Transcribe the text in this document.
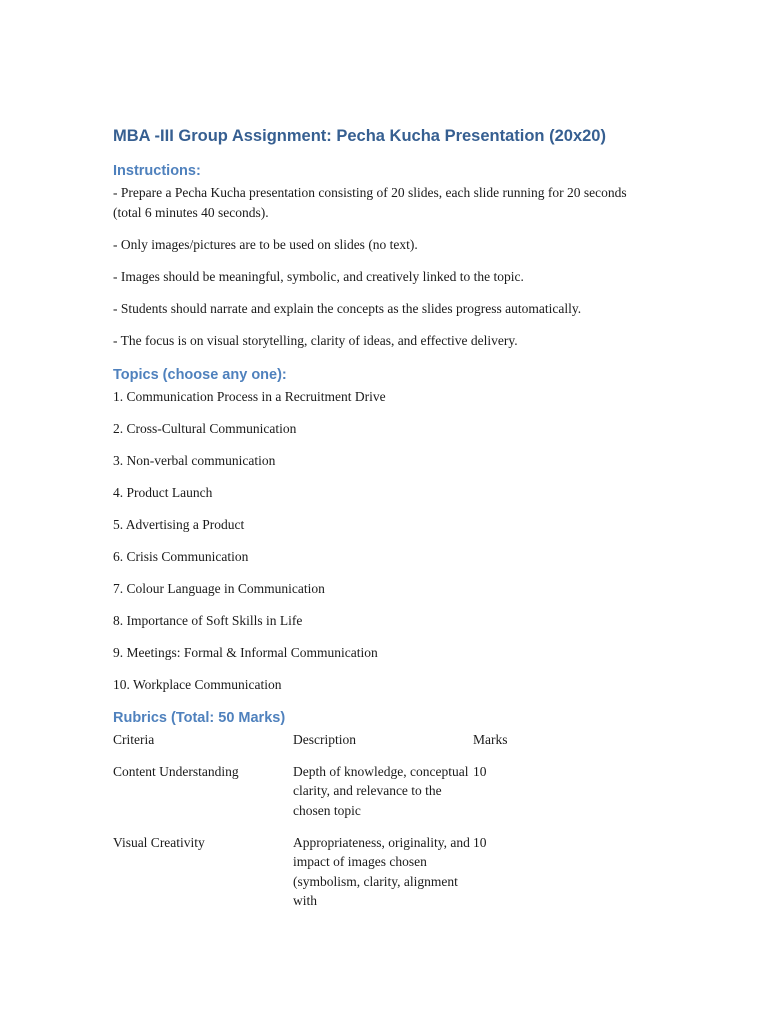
MBA -III Group Assignment: Pecha Kucha Presentation (20x20)
Instructions:

- Prepare a Pecha Kucha presentation consisting of 20 slides, each slide running for 20 seconds (total 6 minutes 40 seconds).

- Only images/pictures are to be used on slides (no text).

- Images should be meaningful, symbolic, and creatively linked to the topic.

- Students should narrate and explain the concepts as the slides progress automatically.

- The focus is on visual storytelling, clarity of ideas, and effective delivery.

Topics (choose any one):

1. Communication Process in a Recruitment Drive

2. Cross-Cultural Communication

3. Non-verbal communication

4. Product Launch

5. Advertising a Product

6. Crisis Communication

7. Colour Language in Communication

8. Importance of Soft Skills in Life

9. Meetings: Formal & Informal Communication

10. Workplace Communication

Rubrics (Total: 50 Marks)
Criteria	Description	Marks
Content Understanding	Depth of knowledge, conceptual clarity, and relevance to the chosen topic	10
Visual Creativity	Appropriateness, originality, and impact of images chosen (symbolism, clarity, alignment with	10
